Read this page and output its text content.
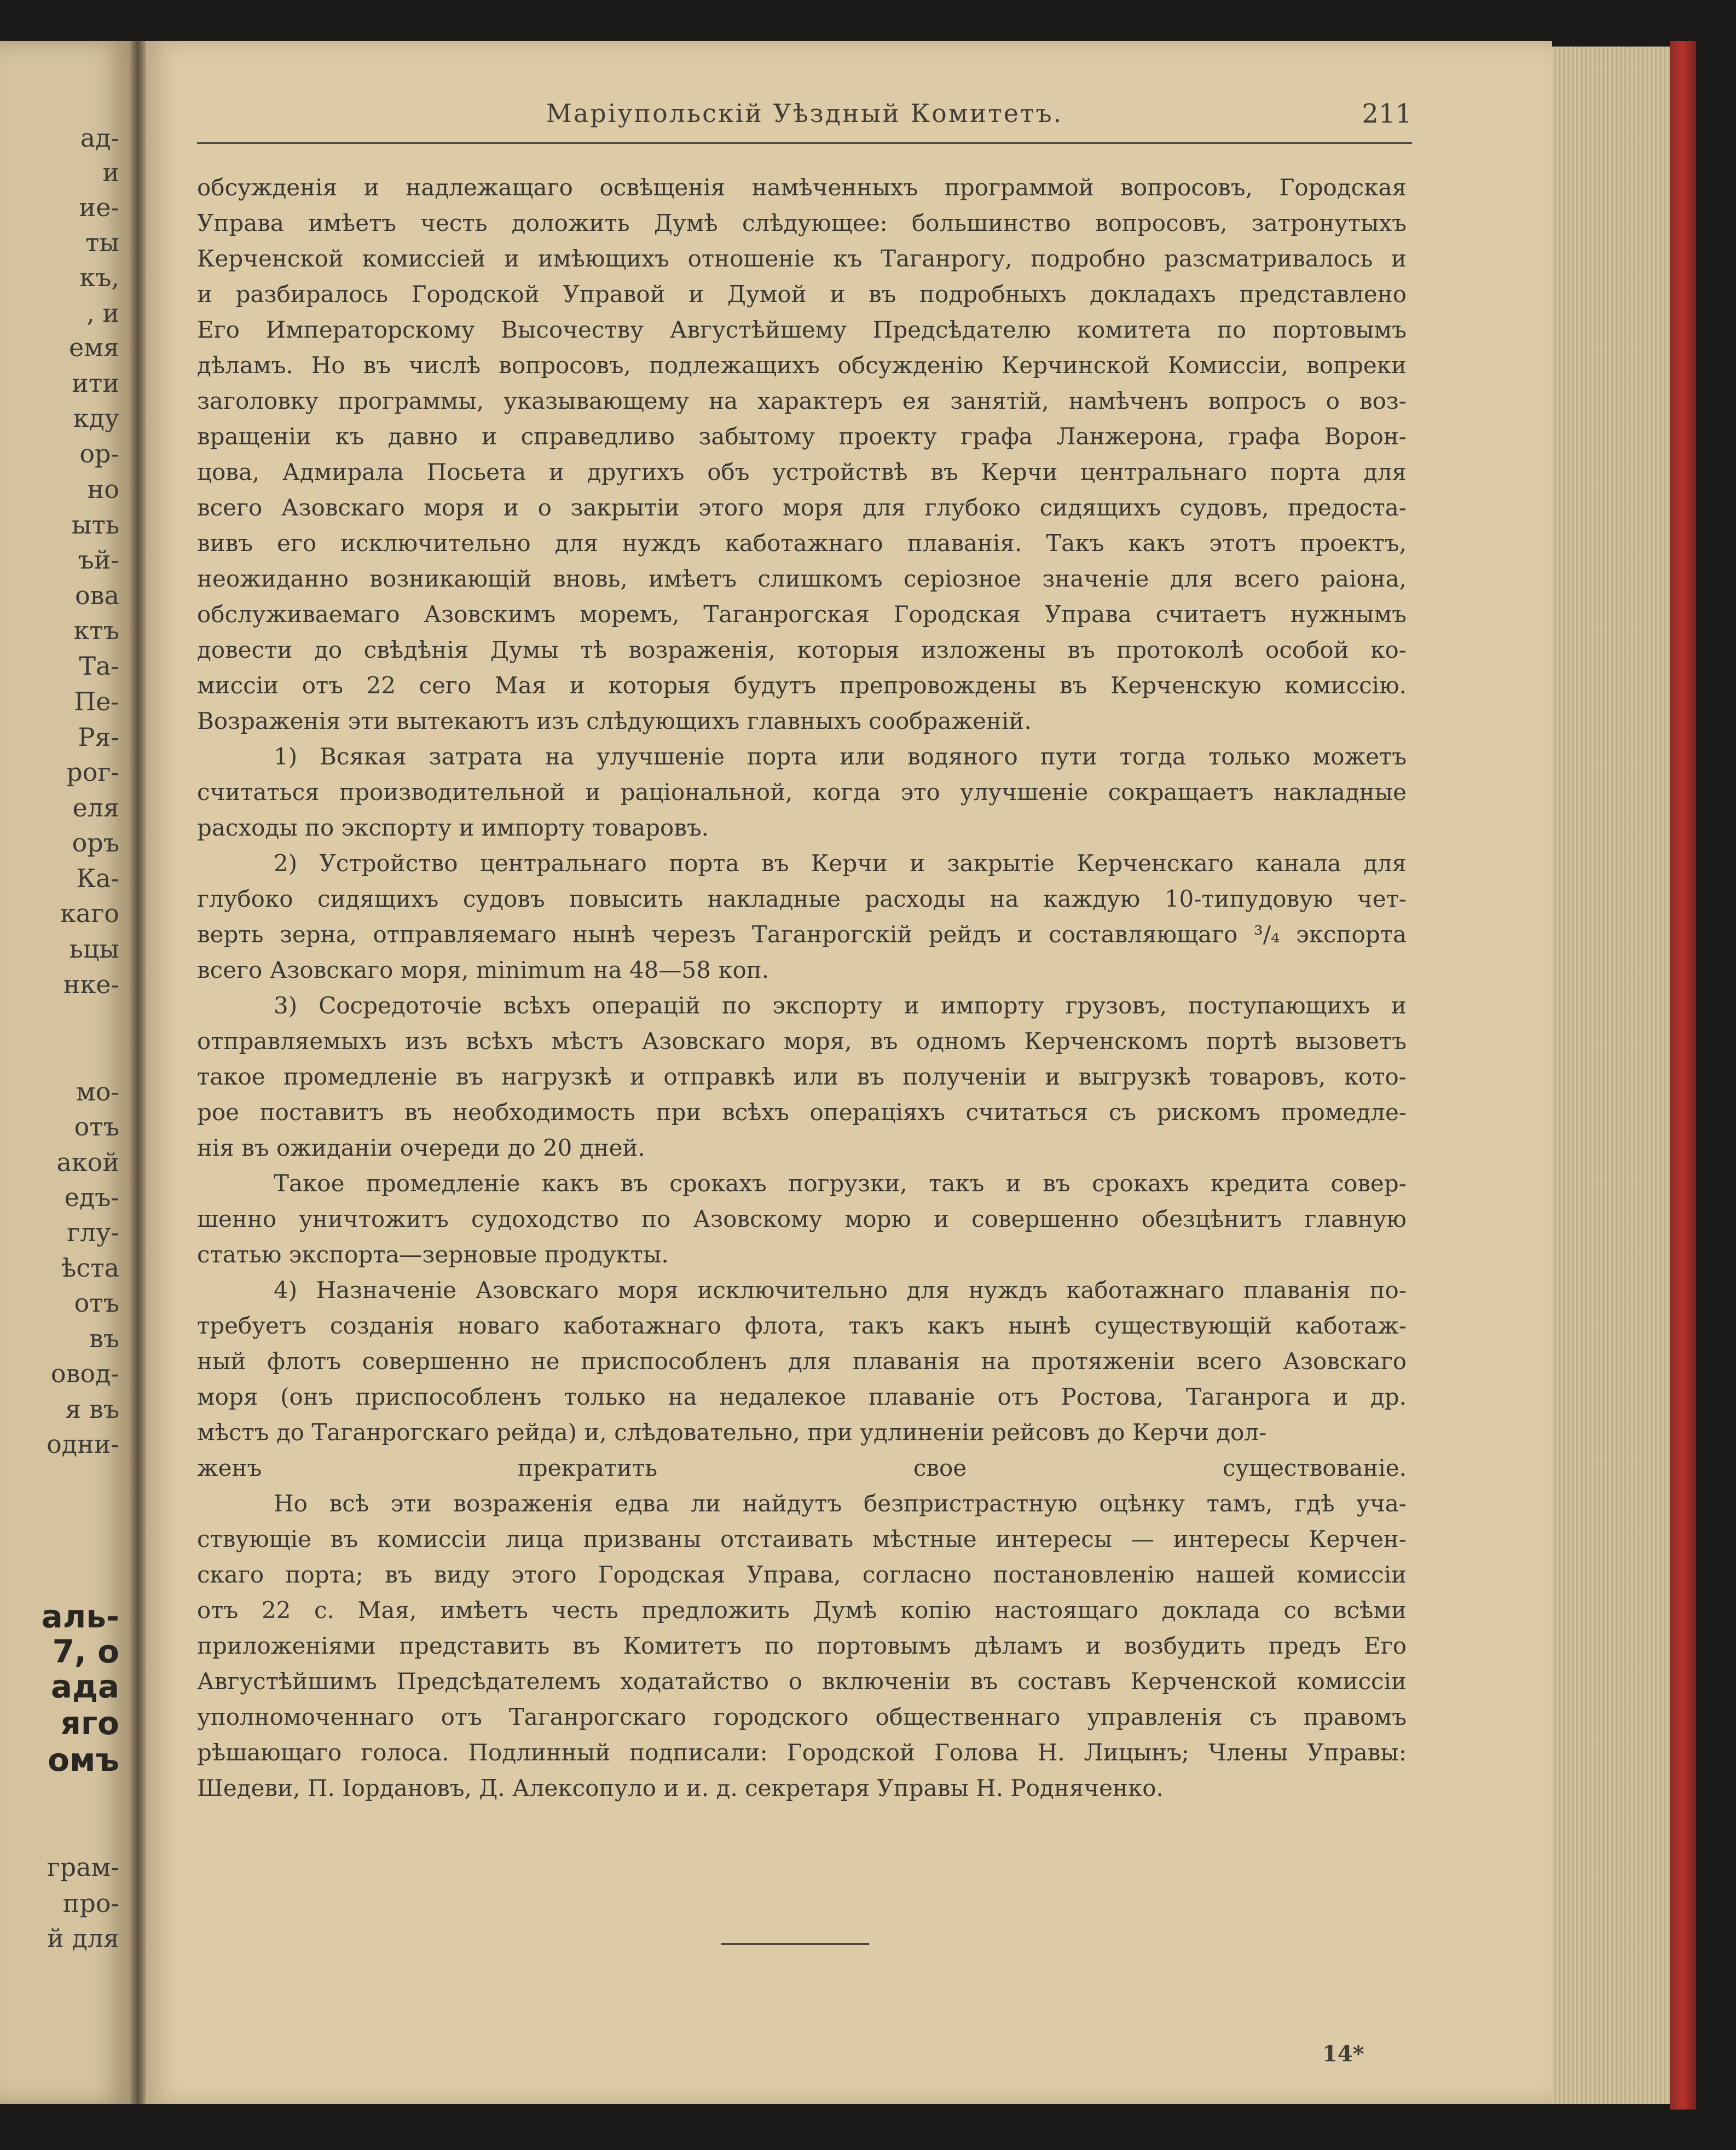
ад-
и
ие-
ты
къ,
, и
емя
ити
кду
ор-
но
ыть
ъй-
ова
ктъ
Та-
Пе-
Ря-
рог-
еля
оръ
Ка-
каго
ьцы
нке-
мо-
отъ
акой
едъ-
глу-
ѣста
отъ
въ
овод-
я въ
одни-
аль-
7, о
ада
яго
омъ
грам-
про-
й для
Маріупольскій Уѣздный Комитетъ.	211
обсужденія и надлежащаго освѣщенія намѣченныхъ программой вопросовъ, Городская
Управа имѣетъ честь доложить Думѣ слѣдующее: большинство вопросовъ, затронутыхъ
Керченской комиссіей и имѣющихъ отношеніе къ Таганрогу, подробно разсматривалось и
и разбиралось Городской Управой и Думой и въ подробныхъ докладахъ представлено
Его Императорскому Высочеству Августѣйшему Предсѣдателю комитета по портовымъ
дѣламъ. Но въ числѣ вопросовъ, подлежащихъ обсужденію Керчинской Комиссіи, вопреки
заголовку программы, указывающему на характеръ ея занятій, намѣченъ вопросъ о воз-
вращеніи къ давно и справедливо забытому проекту графа Ланжерона, графа Ворон-
цова, Адмирала Посьета и другихъ объ устройствѣ въ Керчи центральнаго порта для
всего Азовскаго моря и о закрытіи этого моря для глубоко сидящихъ судовъ, предоста-
вивъ его исключительно для нуждъ каботажнаго плаванія. Такъ какъ этотъ проектъ,
неожиданно возникающій вновь, имѣетъ слишкомъ серіозное значеніе для всего раіона,
обслуживаемаго Азовскимъ моремъ, Таганрогская Городская Управа считаетъ нужнымъ
довести до свѣдѣнія Думы тѣ возраженія, которыя изложены въ протоколѣ особой ко-
миссіи отъ 22 сего Мая и которыя будутъ препровождены въ Керченскую комиссію.
Возраженія эти вытекаютъ изъ слѣдующихъ главныхъ соображеній.
1) Всякая затрата на улучшеніе порта или водяного пути тогда только можетъ
считаться производительной и раціональной, когда это улучшеніе сокращаетъ накладные
расходы по экспорту и импорту товаровъ.
2) Устройство центральнаго порта въ Керчи и закрытіе Керченскаго канала для
глубоко сидящихъ судовъ повысить накладные расходы на каждую 10-типудовую чет-
верть зерна, отправляемаго нынѣ черезъ Таганрогскій рейдъ и составляющаго ³/₄ экспорта
всего Азовскаго моря, minimum на 48—58 коп.
3) Сосредоточіе всѣхъ операцій по экспорту и импорту грузовъ, поступающихъ и
отправляемыхъ изъ всѣхъ мѣстъ Азовскаго моря, въ одномъ Керченскомъ портѣ вызоветъ
такое промедленіе въ нагрузкѣ и отправкѣ или въ полученіи и выгрузкѣ товаровъ, кото-
рое поставитъ въ необходимость при всѣхъ операціяхъ считаться съ рискомъ промедле-
нія въ ожиданіи очереди до 20 дней.
Такое промедленіе какъ въ срокахъ погрузки, такъ и въ срокахъ кредита совер-
шенно уничтожитъ судоходство по Азовскому морю и совершенно обезцѣнитъ главную
статью экспорта—зерновые продукты.
4) Назначеніе Азовскаго моря исключительно для нуждъ каботажнаго плаванія по-
требуетъ созданія новаго каботажнаго флота, такъ какъ нынѣ существующій каботаж-
ный флотъ совершенно не приспособленъ для плаванія на протяженіи всего Азовскаго
моря (онъ приспособленъ только на недалекое плаваніе отъ Ростова, Таганрога и др.
мѣстъ до Таганрогскаго рейда) и, слѣдовательно, при удлиненіи рейсовъ до Керчи дол-
женъ прекратить свое существованіе.
Но всѣ эти возраженія едва ли найдутъ безпристрастную оцѣнку тамъ, гдѣ уча-
ствующіе въ комиссіи лица призваны отстаивать мѣстные интересы — интересы Керчен-
скаго порта; въ виду этого Городская Управа, согласно постановленію нашей комиссіи
отъ 22 с. Мая, имѣетъ честь предложить Думѣ копію настоящаго доклада со всѣми
приложеніями представить въ Комитетъ по портовымъ дѣламъ и возбудить предъ Его
Августѣйшимъ Предсѣдателемъ ходатайство о включеніи въ составъ Керченской комиссіи
уполномоченнаго отъ Таганрогскаго городского общественнаго управленія съ правомъ
рѣшающаго голоса. Подлинный подписали: Городской Голова Н. Лицынъ; Члены Управы:
Шедеви, П. Іордановъ, Д. Алексопуло и и. д. секретаря Управы Н. Родняченко.
14*
